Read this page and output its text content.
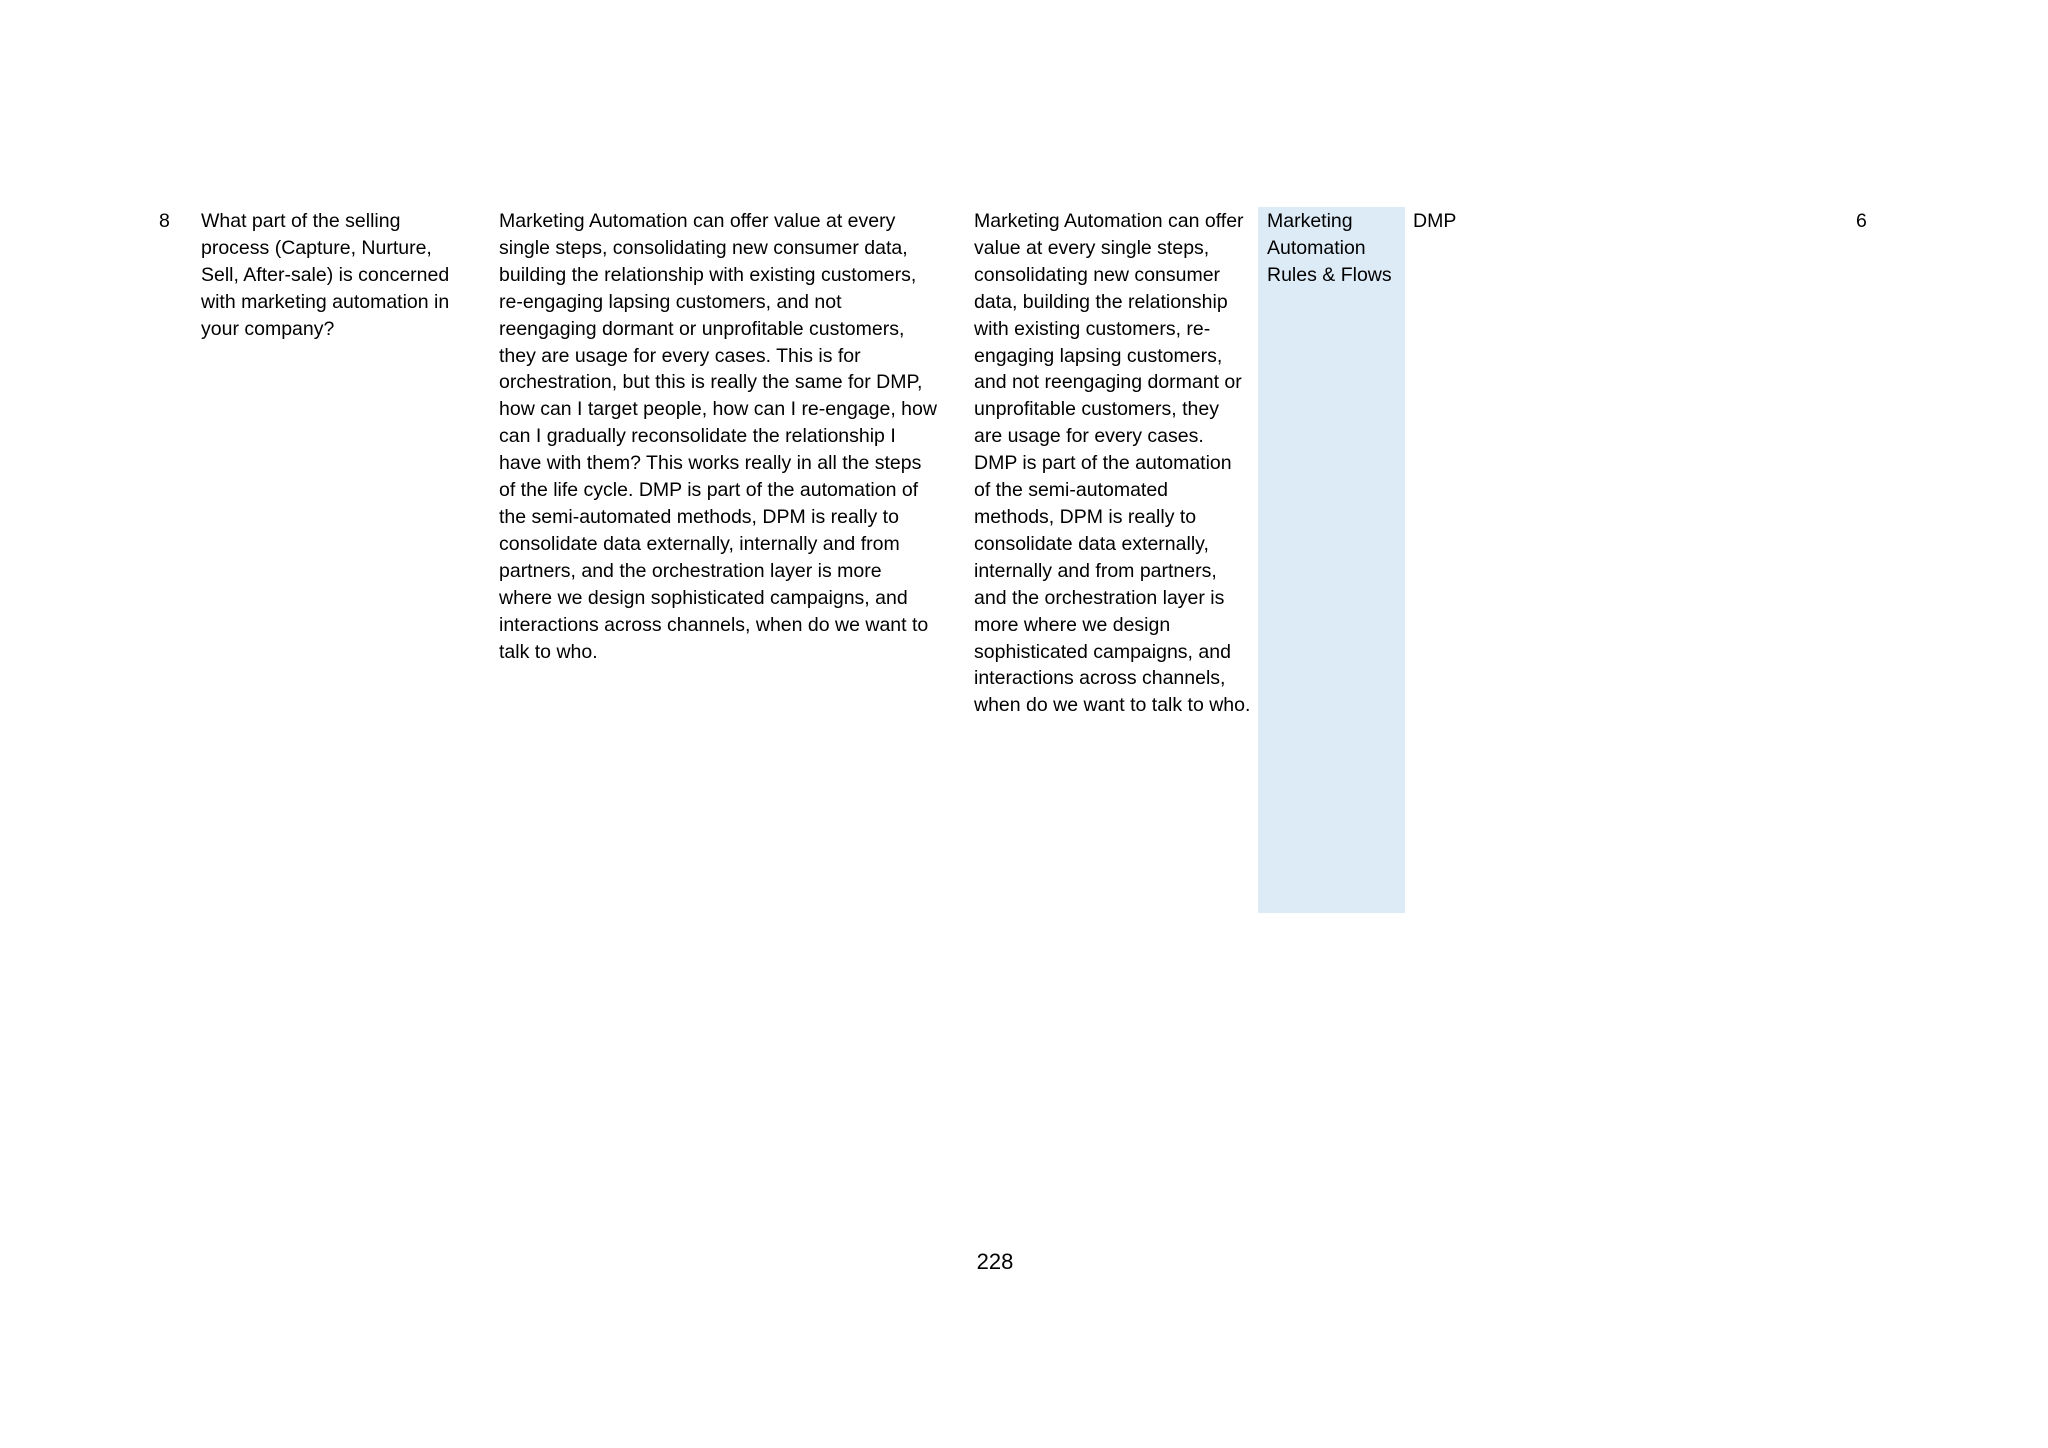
8	What part of the selling process (Capture, Nurture, Sell, After-sale) is concerned with marketing automation in your company?
Marketing Automation can offer value at every single steps, consolidating new consumer data, building the relationship with existing customers, re-engaging lapsing customers, and not reengaging dormant or unprofitable customers, they are usage for every cases. This is for orchestration, but this is really the same for DMP, how can I target people, how can I re-engage, how can I gradually reconsolidate the relationship I have with them? This works really in all the steps of the life cycle. DMP is part of the automation of the semi-automated methods, DPM is really to consolidate data externally, internally and from partners, and the orchestration layer is more where we design sophisticated campaigns, and interactions across channels, when do we want to talk to who.
Marketing Automation can offer value at every single steps, consolidating new consumer data, building the relationship with existing customers, re-engaging lapsing customers, and not reengaging dormant or unprofitable customers, they are usage for every cases. DMP is part of the automation of the semi-automated methods, DPM is really to consolidate data externally, internally and from partners, and the orchestration layer is more where we design sophisticated campaigns, and interactions across channels, when do we want to talk to who.
Marketing Automation Rules & Flows
DMP	6
228
